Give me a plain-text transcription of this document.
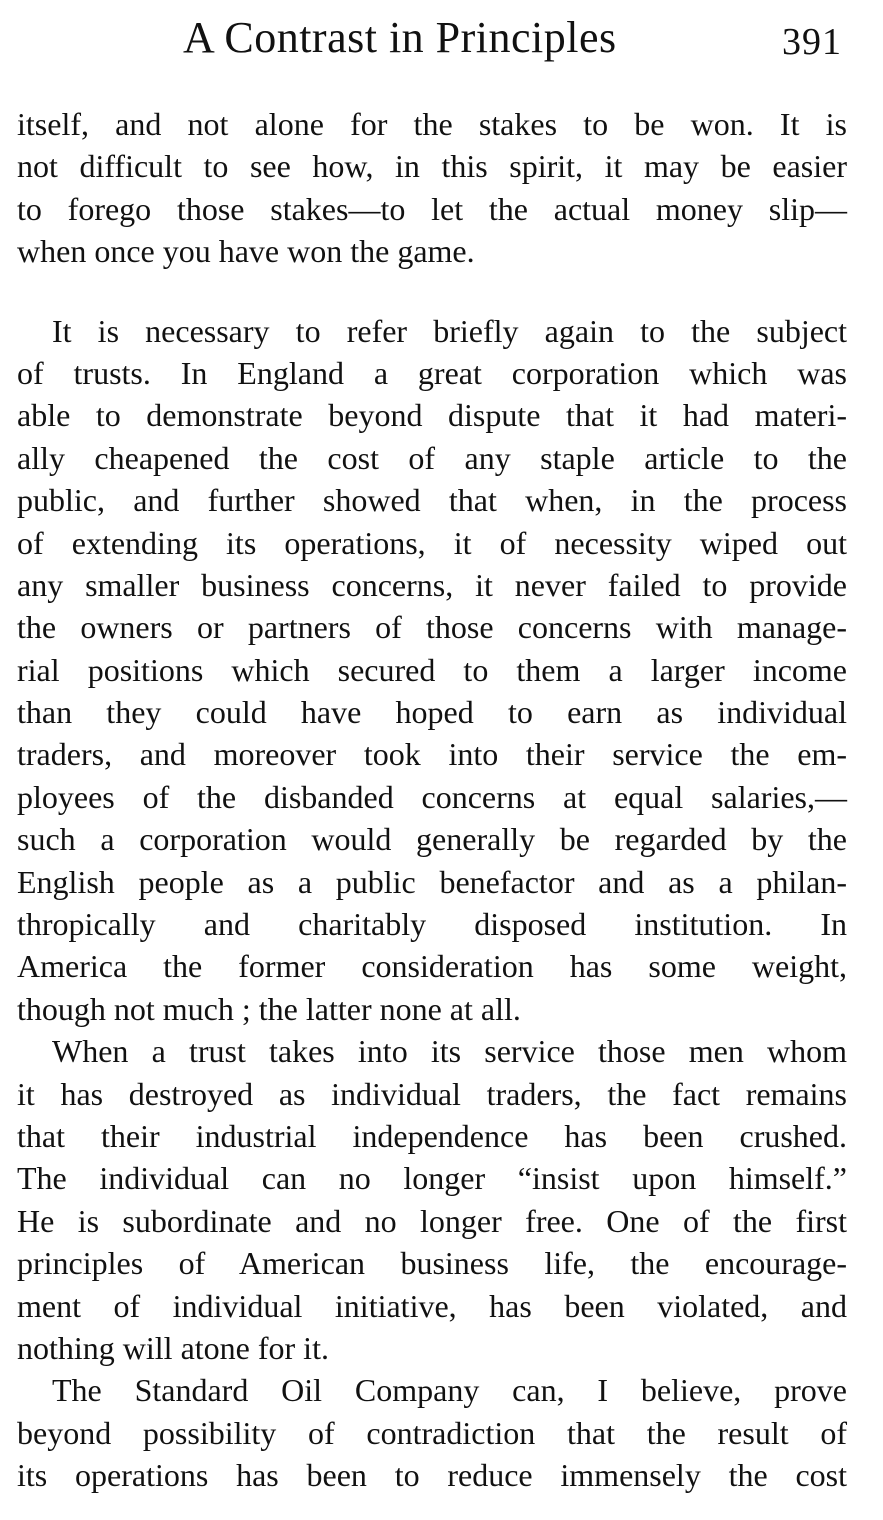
A Contrast in Principles	391
itself, and not alone for the stakes to be won. It is
not difficult to see how, in this spirit, it may be easier
to forego those stakes—to let the actual money slip—
when once you have won the game.
It is necessary to refer briefly again to the subject
of trusts. In England a great corporation which was
able to demonstrate beyond dispute that it had materi-
ally cheapened the cost of any staple article to the
public, and further showed that when, in the process
of extending its operations, it of necessity wiped out
any smaller business concerns, it never failed to provide
the owners or partners of those concerns with manage-
rial positions which secured to them a larger income
than they could have hoped to earn as individual
traders, and moreover took into their service the em-
ployees of the disbanded concerns at equal salaries,—
such a corporation would generally be regarded by the
English people as a public benefactor and as a philan-
thropically and charitably disposed institution. In
America the former consideration has some weight,
though not much ; the latter none at all.
When a trust takes into its service those men whom
it has destroyed as individual traders, the fact remains
that their industrial independence has been crushed.
The individual can no longer “insist upon himself.”
He is subordinate and no longer free. One of the first
principles of American business life, the encourage-
ment of individual initiative, has been violated, and
nothing will atone for it.
The Standard Oil Company can, I believe, prove
beyond possibility of contradiction that the result of
its operations has been to reduce immensely the cost
